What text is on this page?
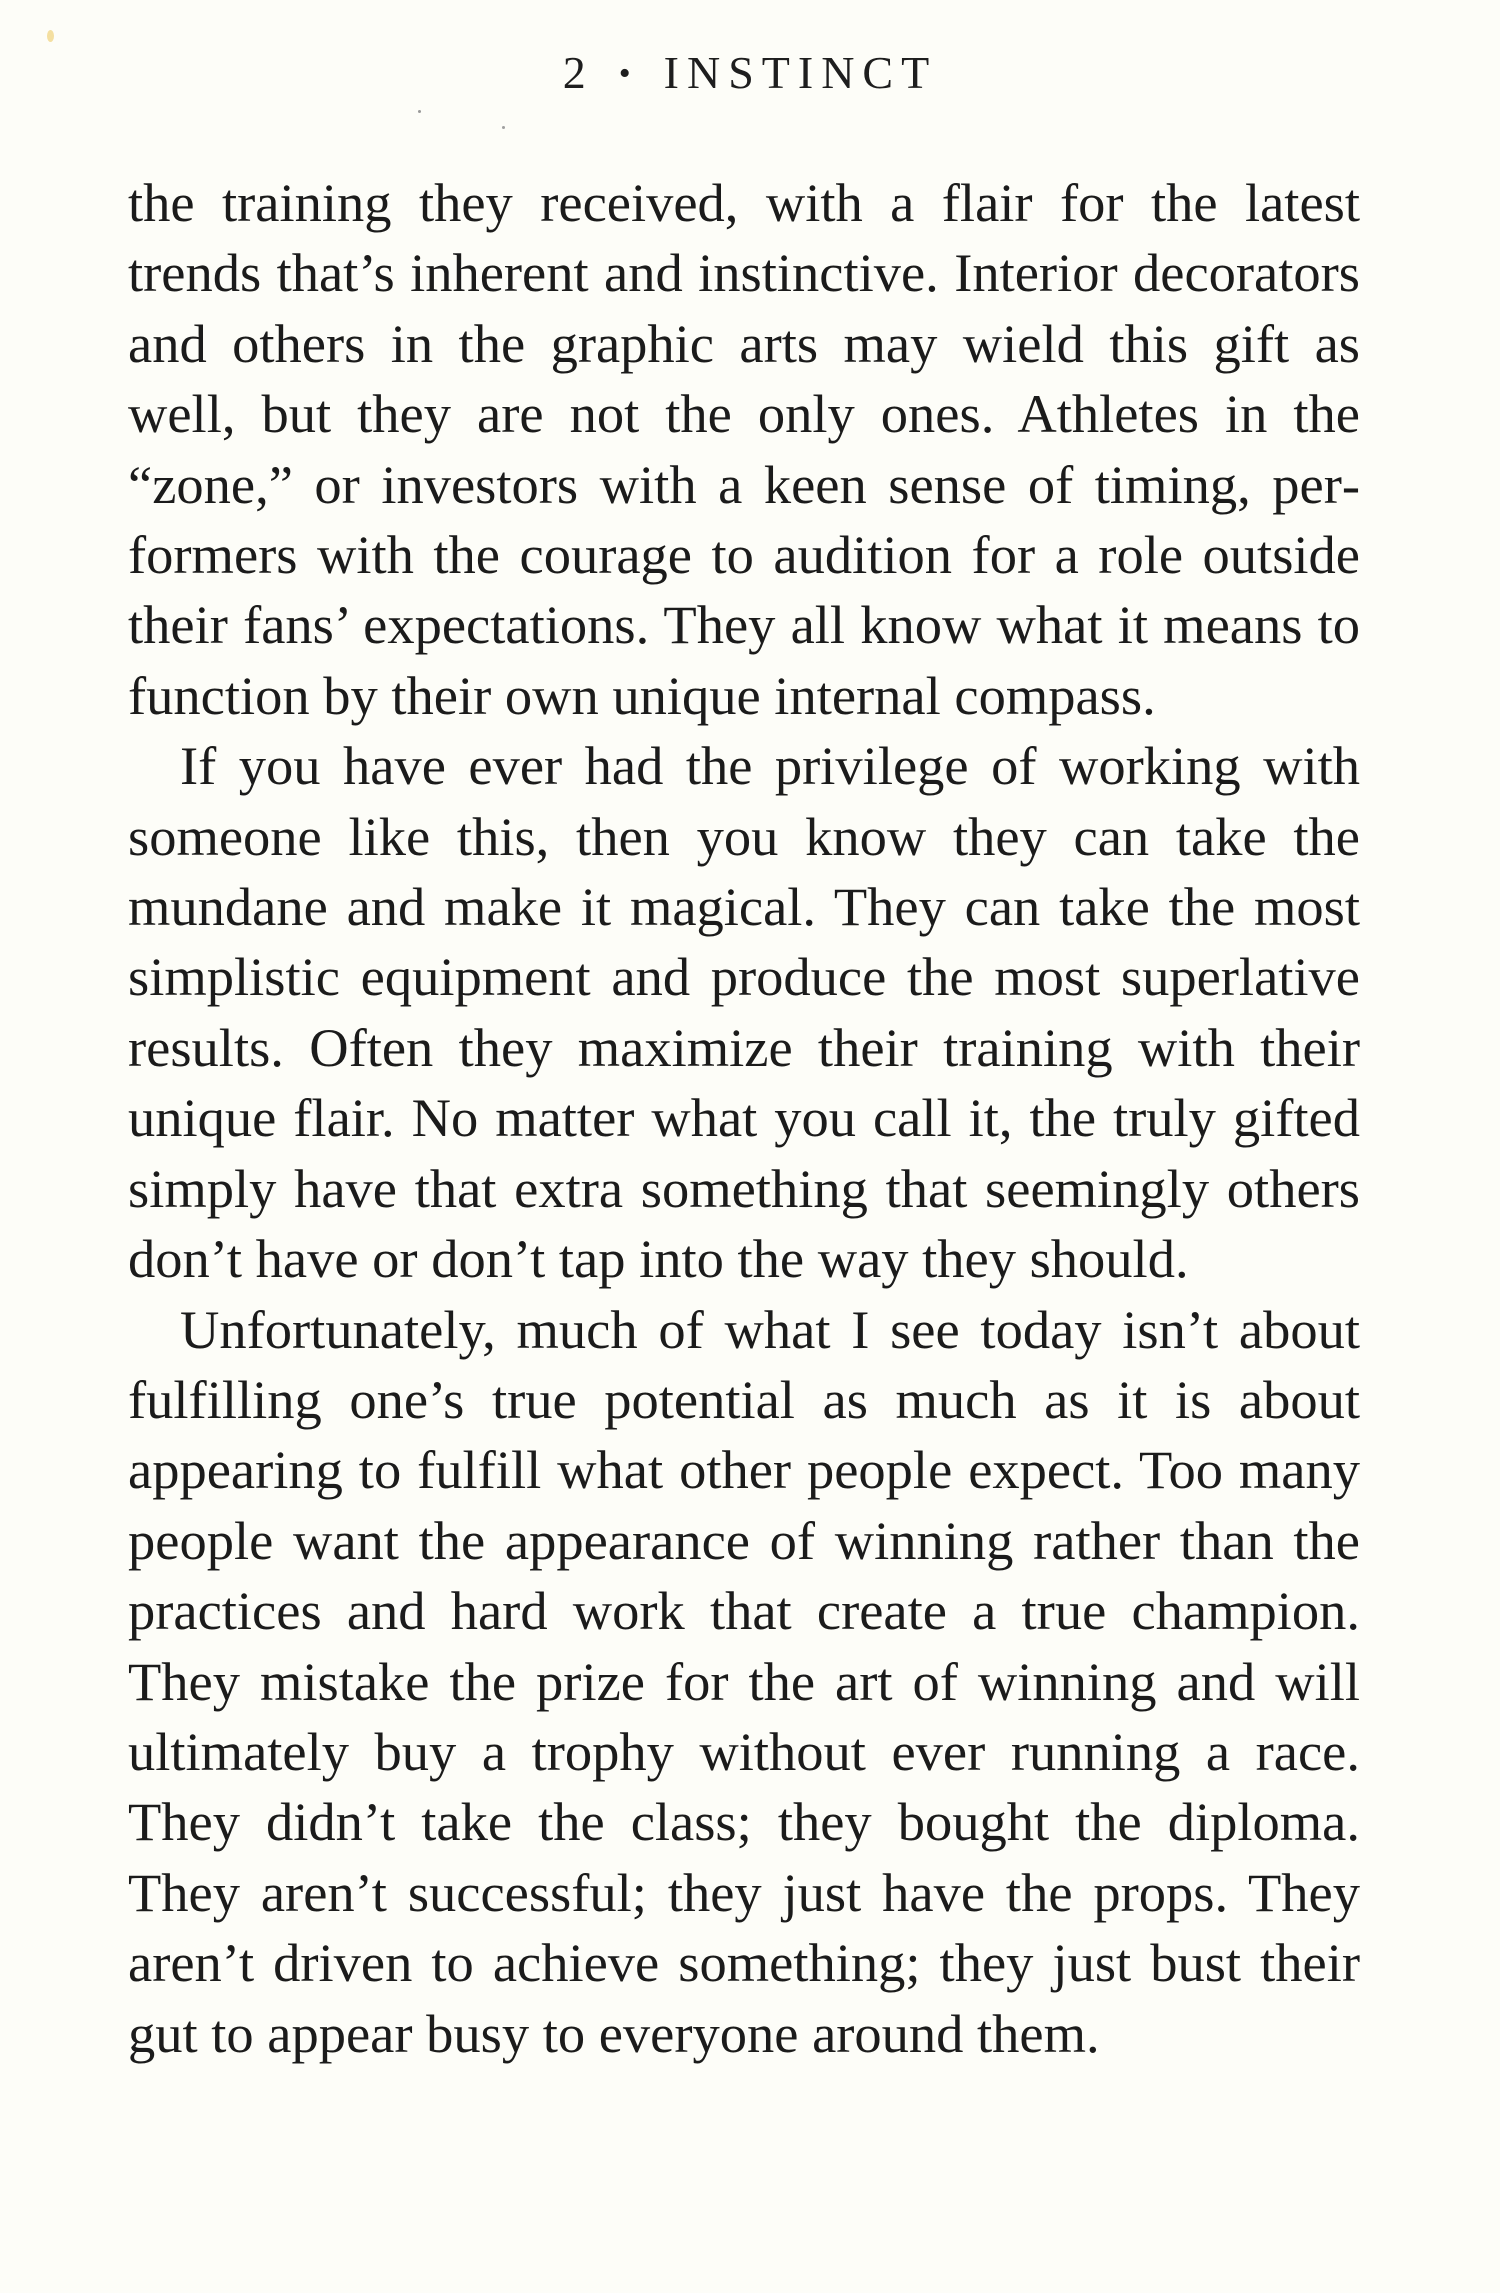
2 • INSTINCT

the training they received, with a flair for the latest trends that’s inherent and instinctive. Interior decorators and others in the graphic arts may wield this gift as well, but they are not the only ones. Athletes in the “zone,” or investors with a keen sense of timing, performers with the courage to audition for a role outside their fans’ expectations. They all know what it means to function by their own unique internal compass.

If you have ever had the privilege of working with someone like this, then you know they can take the mundane and make it magical. They can take the most simplistic equipment and produce the most superlative results. Often they maximize their training with their unique flair. No matter what you call it, the truly gifted simply have that extra something that seemingly others don’t have or don’t tap into the way they should.

Unfortunately, much of what I see today isn’t about fulfilling one’s true potential as much as it is about appearing to fulfill what other people expect. Too many people want the appearance of winning rather than the practices and hard work that create a true champion. They mistake the prize for the art of winning and will ultimately buy a trophy without ever running a race. They didn’t take the class; they bought the diploma. They aren’t successful; they just have the props. They aren’t driven to achieve something; they just bust their gut to appear busy to everyone around them.
